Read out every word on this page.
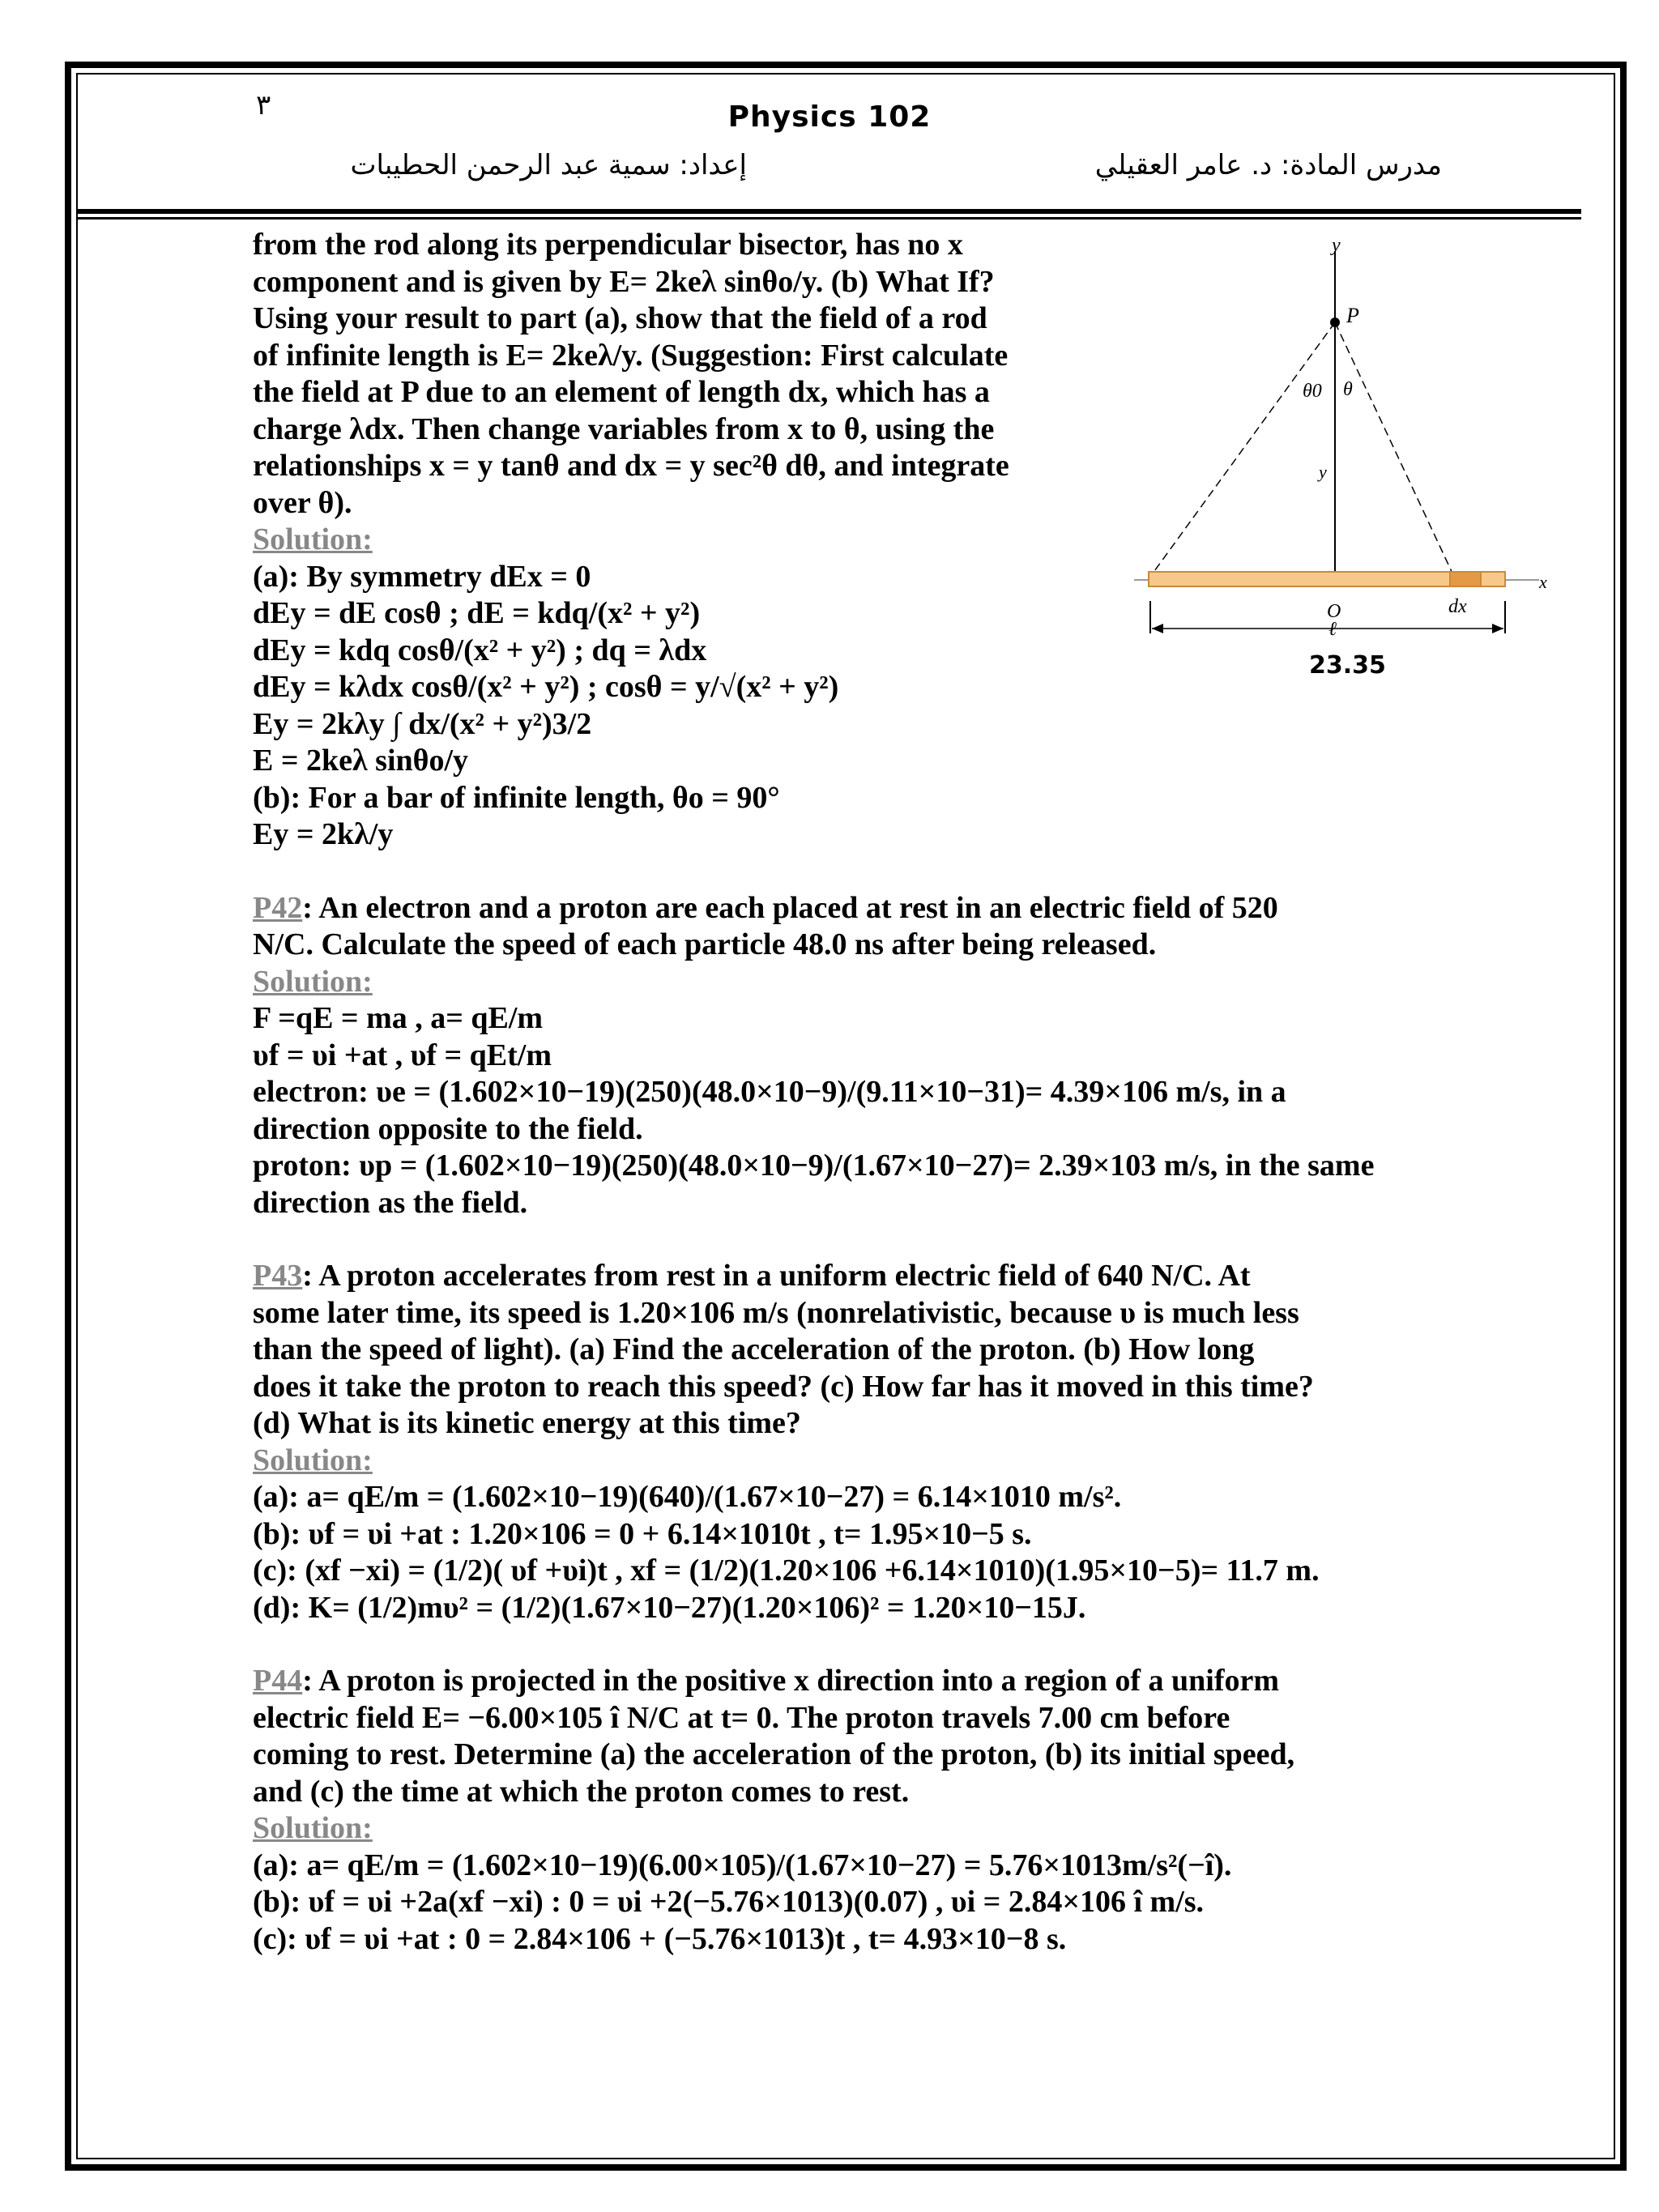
٣	Physics 102
إعداد: سمية عبد الرحمن الحطيبات	مدرس المادة: د. عامر العقيلي
y
P
θ0 θ
y
x
O	dx
ℓ
23.35

from the rod along its perpendicular bisector, has no x

component and is given by E= 2keλ sinθo/y. (b) What If?

Using your result to part (a), show that the field of a rod

of infinite length is E= 2keλ/y. (Suggestion: First calculate

the field at P due to an element of length dx, which has a

charge λdx. Then change variables from x to θ, using the

relationships x = y tanθ and dx = y sec²θ dθ, and integrate

over θ).

Solution:

(a): By symmetry dEx = 0

dEy = dE cosθ ; dE = kdq/(x² + y²)

dEy = kdq cosθ/(x² + y²) ; dq = λdx

dEy = kλdx cosθ/(x² + y²) ; cosθ = y/√(x² + y²)

Ey = 2kλy ∫ dx/(x² + y²)3/2

E = 2keλ sinθo/y

(b): For a bar of infinite length, θo = 90°

Ey = 2kλ/y

P42: An electron and a proton are each placed at rest in an electric field of 520

N/C. Calculate the speed of each particle 48.0 ns after being released.

Solution:

F =qE = ma , a= qE/m

υf = υi +at , υf = qEt/m

electron: υe = (1.602×10−19)(250)(48.0×10−9)/(9.11×10−31)= 4.39×106 m/s, in a

direction opposite to the field.

proton: υp = (1.602×10−19)(250)(48.0×10−9)/(1.67×10−27)= 2.39×103 m/s, in the same

direction as the field.

P43: A proton accelerates from rest in a uniform electric field of 640 N/C. At

some later time, its speed is 1.20×106 m/s (nonrelativistic, because υ is much less

than the speed of light). (a) Find the acceleration of the proton. (b) How long

does it take the proton to reach this speed? (c) How far has it moved in this time?

(d) What is its kinetic energy at this time?

Solution:

(a): a= qE/m = (1.602×10−19)(640)/(1.67×10−27) = 6.14×1010 m/s².

(b): υf = υi +at : 1.20×106 = 0 + 6.14×1010t , t= 1.95×10−5 s.

(c): (xf −xi) = (1/2)( υf +υi)t , xf = (1/2)(1.20×106 +6.14×1010)(1.95×10−5)= 11.7 m.

(d): K= (1/2)mυ² = (1/2)(1.67×10−27)(1.20×106)² = 1.20×10−15J.

P44: A proton is projected in the positive x direction into a region of a uniform

electric field E= −6.00×105 î N/C at t= 0. The proton travels 7.00 cm before

coming to rest. Determine (a) the acceleration of the proton, (b) its initial speed,

and (c) the time at which the proton comes to rest.

Solution:

(a): a= qE/m = (1.602×10−19)(6.00×105)/(1.67×10−27) = 5.76×1013m/s²(−î).

(b): υf = υi +2a(xf −xi) : 0 = υi +2(−5.76×1013)(0.07) , υi = 2.84×106 î m/s.

(c): υf = υi +at : 0 = 2.84×106 + (−5.76×1013)t , t= 4.93×10−8 s.
